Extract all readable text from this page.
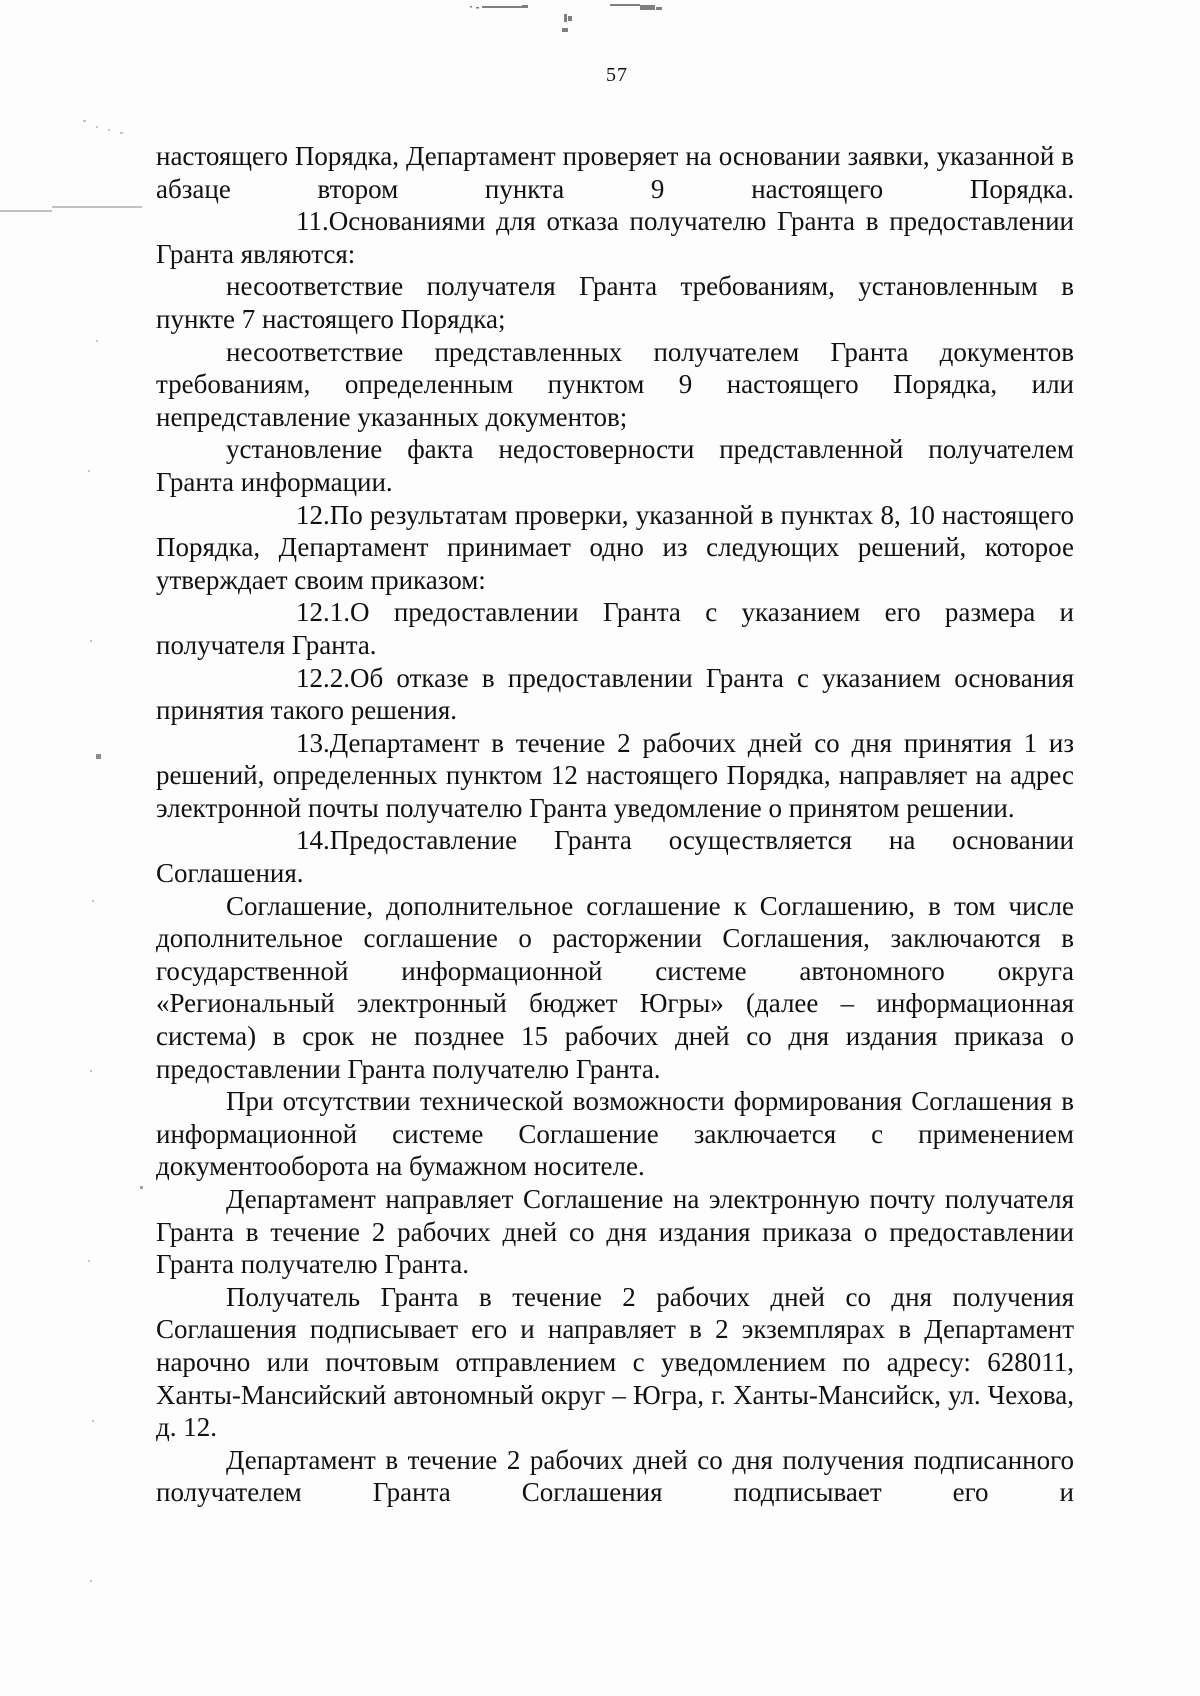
57

настоящего Порядка, Департамент проверяет на основании заявки, указанной в абзаце втором пункта 9 настоящего Порядка.

11.Основаниями для отказа получателю Гранта в предоставлении Гранта являются:

несоответствие получателя Гранта требованиям, установленным в пункте 7 настоящего Порядка;

несоответствие представленных получателем Гранта документов требованиям, определенным пунктом 9 настоящего Порядка, или непредставление указанных документов;

установление факта недостоверности представленной получателем Гранта информации.

12.По результатам проверки, указанной в пунктах 8, 10 настоящего Порядка, Департамент принимает одно из следующих решений, которое утверждает своим приказом:

12.1.О предоставлении Гранта с указанием его размера и получателя Гранта.

12.2.Об отказе в предоставлении Гранта с указанием основания принятия такого решения.

13.Департамент в течение 2 рабочих дней со дня принятия 1 из решений, определенных пунктом 12 настоящего Порядка, направляет на адрес электронной почты получателю Гранта уведомление о принятом решении.

14.Предоставление Гранта осуществляется на основании Соглашения.

Соглашение, дополнительное соглашение к Соглашению, в том числе дополнительное соглашение о расторжении Соглашения, заключаются в государственной информационной системе автономного округа «Региональный электронный бюджет Югры» (далее – информационная система) в срок не позднее 15 рабочих дней со дня издания приказа о предоставлении Гранта получателю Гранта.

При отсутствии технической возможности формирования Соглашения в информационной системе Соглашение заключается с применением документооборота на бумажном носителе.

Департамент направляет Соглашение на электронную почту получателя Гранта в течение 2 рабочих дней со дня издания приказа о предоставлении Гранта получателю Гранта.

Получатель Гранта в течение 2 рабочих дней со дня получения Соглашения подписывает его и направляет в 2 экземплярах в Департамент нарочно или почтовым отправлением с уведомлением по адресу: 628011, Ханты-Мансийский автономный округ – Югра, г. Ханты-Мансийск, ул. Чехова, д. 12.

Департамент в течение 2 рабочих дней со дня получения подписанного получателем Гранта Соглашения подписывает его и
